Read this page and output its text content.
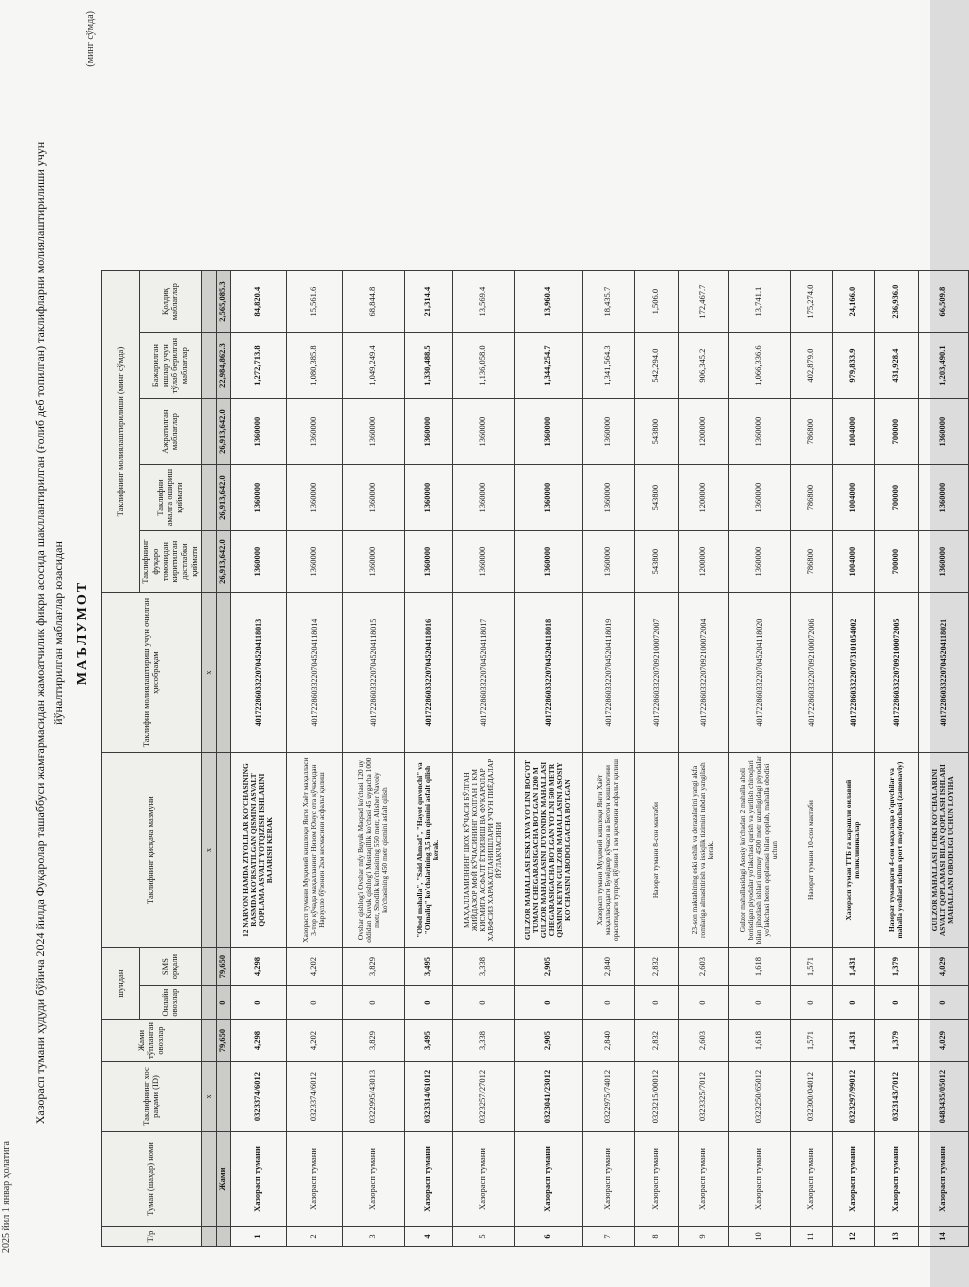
2025 йил 1 январ ҳолатига
Хазорасп тумани ҳудуди бўйича 2024 йилда Фуқаролар ташаббуси жамғармасидан жамоатчилик фикри асосида шакллантирилган (ғолиб деб топилган) таклифларни молиялаштирилиши учун йўналтирилган маблағлар юзасидан МАЪЛУМОТ
(минг сўмда)
Т/р	Туман (шаҳар) номи	Таклифнинг хос рақами (ID)	Жами тўпланган овозлар	шундан		Таклифнинг қисқача мазмуни	Таклифни молиялаштириш учун очилган ҳисобрақам	Таклифнинг молиялаштирилиши (минг сўмда)				
				Онлайн овозлар	SMS орқали			Таклифнинг фуқаро томонидан киритилган дастлабки қиймати	Таклифни амалга ошириш қиймати	Ажратилган маблағлар	Бажарилган ишлар учун тўлаб берилган маблағлар	Қолдиқ маблағлар
		x				x	x					
	Жами		79,650	0	79,650			26,913,642.0	26,913,642.0	26,913,642.0	22,984,862.3	2,565,085.3
1	Хазорасп тумани	0323374/6012	4,298	0	4,298	12 NARVON HAMDA ZIYOLILAR KO'CHASINING RASMDA KO'RSATILGAN QISMINI ASVALT QOPLAMA ASVALT YOTQIZISH ISHLARINI BAJARISH KERAK	401722860332207045204118013	1360000	1360000	1360000	1,272,713.8	84,820.4
2	Хазорасп тумани	0323374/6012	4,202	0	4,202	Хазорасп тумани Муқимий кишлоқи Янги Хаёт маҳалласи 3-тор кўчада маҳалланинг Низом Юнус ота кўчасидан Нарзулло бўзонин 2км кесмасини асфальт қилиш	401722860332207045204118014	1360000	1360000	1360000	1,080,385.8	15,561.6
3	Хазорасп тумани	0322995/43013	3,829	0	3,829	Ovshar qishlog'i Ovshar mfy Buyuk Maqsad ko'chasi 120 uy oldidan Kuvuk qishlog'i Mustaqillik ko'chasi 45 uygacha 1000 metr, Shodlik ko'chasining 550 metr, Alisher Navoiy ko'chasining 450 metr qismini asfalt qilish	401722860332207045204118015	1360000	1360000	1360000	1,049,249.4	68,844.8
4	Хазорасп тумани	0323314/61012	3,495	0	3,495	"Obod mahalla", "Said Ahmad", "Hayot quvonchi" va "Olmaliq" ko'chalarining 3,5 km qismini asfalt qilish kerak.	401722860332207045204118016	1360000	1360000	1360000	1,330,488.5	21,314.4
5	Хазорасп тумани	0323257/27012	3,338	0	3,338	МАҲАЛЛАМИЗНИНГ ШОХ КЎЧАСИ БЎЛГАН ЖИЙДАЗОР МФЙ КЎЧАСИНИНГ КОЛГАН 1 КМ КИСМИГА АСФАЛТ ЁТКИЗИШ ВА ФУКАРОЛАР ХАВФСИЗ ХАРАКАТЛАНИШЛАРИ УЧУН ПИЁДАЛАР ЙЎЛАКЧАСИНИ	401722860332207045204118017	1360000	1360000	1360000	1,136,058.0	13,569.4
6	Хазорасп тумани	0323041/23012	2,905	0	2,905	GULZOR MAHALLASI ESKI XIVA YO'LINI BOG'OT TUMANI CHEGARASIGACHA BO'LGAN 1200 M GULZOR MAHALLASINI JUYONDIK MAHALLASI CHEGARASIGACHA BO'LGAN YO'LNI 500 METR QISMINI KEYIN GULZOR MAHALLASINI ASOSIY KO'CHASINI ABODOLGACHA BO'LGAN	401722860332207045204118018	1360000	1360000	1360000	1,344,254.7	13,960.4
7	Хазорасп тумани	0322975/74012	2,840	0	2,840	Хазорасп тумани Муҳимий кишлоқи Янги Хаёт маҳалласидаги Бунёдкор кўчаси ва Бегоғи кишлоғини ораситидаги тупроқ йўлини 1 км қисмини асфальт қилиш	401722860332207045204118019	1360000	1360000	1360000	1,341,564.3	18,435.7
8	Хазорасп тумани	0323215/00012	2,832	0	2,832	Назорат тумани 8-сон мактаби	401722860332207092100072007	543800	543800	543800	542,294.0	1,506.0
9	Хазорасп тумани	0323325/7012	2,603	0	2,603	23-son maktabining eski eshik va derazalarini yangi akfa romlariga almashtirish va issiqlik tizimini tubdan yangilash kerak.	401722860332207092100072004	1200000	1200000	1200000	906,345.2	172,467.7
10	Хазорасп тумани	0323250/65012	1,618	0	1,618	Gulzor mahallasidagi Asosiy ko'chadan 2 mahalla aholi borisdigan piyodalar yo'lakchasi qurish va yurilish chiroqlari bilan jihozlash ishlari ummuy 4500 metr uzunligidagi piyodalar yo'lakchasi beton qoplamasi bilan qoplab, mahalla obodisi uchun	401722860332207045204118020	1360000	1360000	1360000	1,066,336.6	13,741.1
11	Хазорасп тумани	032300/04012	1,571	0	1,571	Назорат тумани 10-сон мактаби	401722860332207092100072006	786800	786800	786800	402,879.0	175,274.0
12	Хазорасп тумани	0323297/99012	1,431	0	1,431	Хазорасп туман ТТБ га карашли оилавий поликлиникалар	401722860332207073101054002	1004000	1004000	1004000	979,833.9	24,166.0
13	Хазорасп тумани	0323143/7012	1,379	0	1,379	Назорат тумандаги 4-сон маҳалада о'quvchilar va mahalla yoshlari uchun sport maydonchasi (zamonaviy)	401722860332207092100072005	700000	700000	700000	431,928.4	236,936.0
14	Хазорасп тумани	0483435/05012	4,029	0	4,029	GULZOR MAHALLASI ICHKI KO'CHALARINI ASVALT QOPLAMASI BILAN QOPLASH ISHLARI MAHALLANI OBODLIGI UCHUN LOYIHA	401722860332207045204118021	1360000	1360000	1360000	1,203,490.1	66,509.8
